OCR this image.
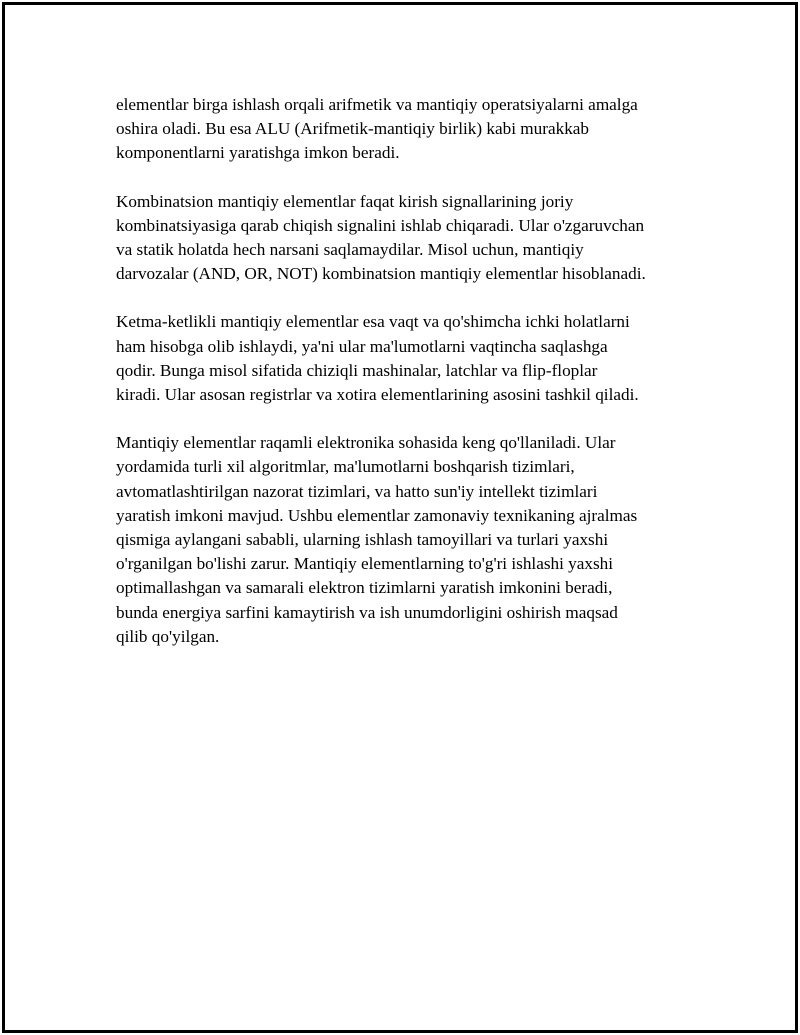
elementlar birga ishlash orqali arifmetik va mantiqiy operatsiyalarni amalga
oshira oladi. Bu esa ALU (Arifmetik-mantiqiy birlik) kabi murakkab
komponentlarni yaratishga imkon beradi.
Kombinatsion mantiqiy elementlar faqat kirish signallarining joriy
kombinatsiyasiga qarab chiqish signalini ishlab chiqaradi. Ular o'zgaruvchan
va statik holatda hech narsani saqlamaydilar. Misol uchun, mantiqiy
darvozalar (AND, OR, NOT) kombinatsion mantiqiy elementlar hisoblanadi.
Ketma-ketlikli mantiqiy elementlar esa vaqt va qo'shimcha ichki holatlarni
ham hisobga olib ishlaydi, ya'ni ular ma'lumotlarni vaqtincha saqlashga
qodir. Bunga misol sifatida chiziqli mashinalar, latchlar va flip-floplar
kiradi. Ular asosan registrlar va xotira elementlarining asosini tashkil qiladi.
Mantiqiy elementlar raqamli elektronika sohasida keng qo'llaniladi. Ular
yordamida turli xil algoritmlar, ma'lumotlarni boshqarish tizimlari,
avtomatlashtirilgan nazorat tizimlari, va hatto sun'iy intellekt tizimlari
yaratish imkoni mavjud. Ushbu elementlar zamonaviy texnikaning ajralmas
qismiga aylangani sababli, ularning ishlash tamoyillari va turlari yaxshi
o'rganilgan bo'lishi zarur. Mantiqiy elementlarning to'g'ri ishlashi yaxshi
optimallashgan va samarali elektron tizimlarni yaratish imkonini beradi,
bunda energiya sarfini kamaytirish va ish unumdorligini oshirish maqsad
qilib qo'yilgan.
